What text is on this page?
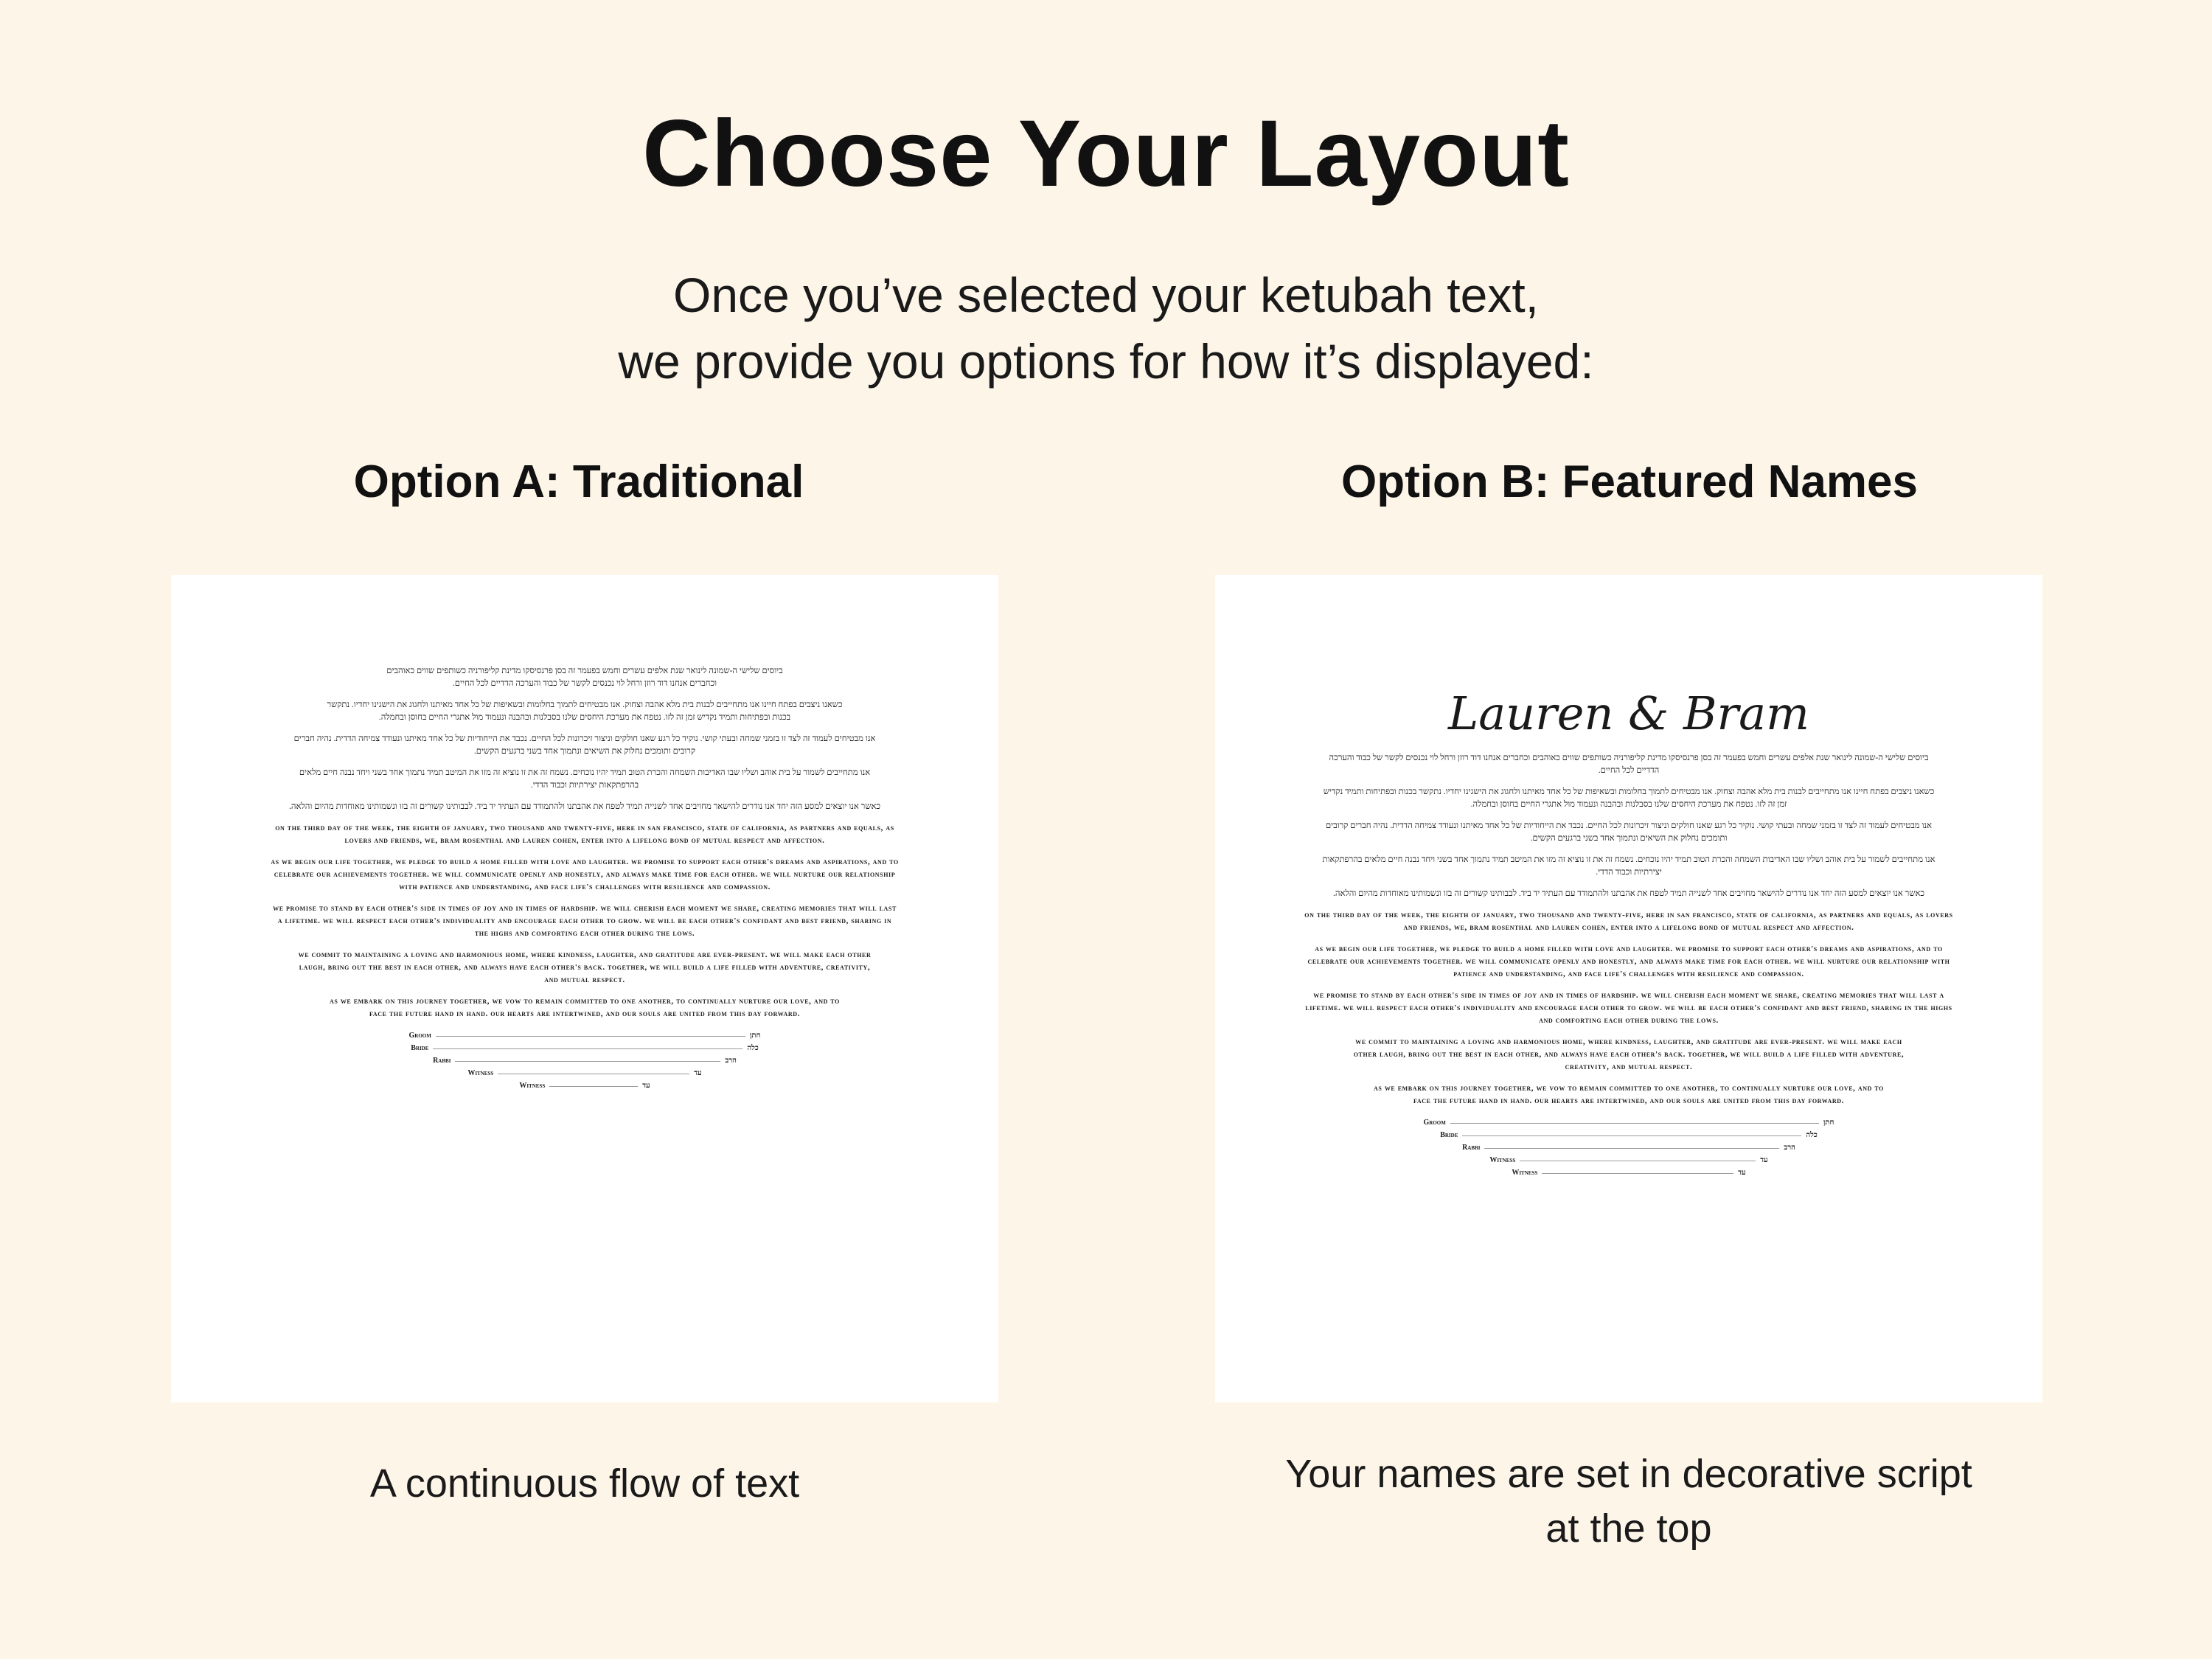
Choose Your Layout
Once you’ve selected your ketubah text,
we provide you options for how it’s displayed:
Option A: Traditional	Option B: Featured Names

ביוסים שלישי ה-שמונה לינואר שנת אלפים עשרים וחמש בפעמר זה בסן פרנסיסקו מדינת קליפורניה כשותפים שווים כאוהבים וכחברים אנחנו דוד רוזן ורחל לוי נכנסים לקשר של כבוד והערכה הדדיים לכל החיים.

כשאנו ניצבים בפתח חיינו אנו מתחייבים לבנות בית מלא אהבה וצחוק. אנו מבטיחים לתמוך בחלומות ובשאיפות של כל אחד מאיתנו ולחגוג את הישגינו יחדיו. נתקשר בכנות ובפתיחות ותמיד נקדיש זמן זה לזו. נטפח את מערכת היחסים שלנו בסבלנות ובהבנה ונעמוד מול אתגרי החיים בחוסן ובחמלה.

אנו מבטיחים לעמוד זה לצד זו בזמני שמחה ובעתי קושי. נוקיר כל רגע שאנו חולקים וניצור זיכרונות לכל החיים. נכבד את הייחודיות של כל אחד מאיתנו ונעודד צמיחה הדדית. נהיה חברים קרובים ותומכים נחלוק את השיאים ונתמוך אחד בשני ברגעים הקשים.

אנו מתחייבים לשמור על בית אוהב ושליו שבו האדיבות השמחה והכרת הטוב תמיד יהיו נוכחים. נשמח זה את זו נוציא זה מזו את המיטב תמיד נתמוך אחד בשני ויחד נבנה חיים מלאים בהרפתקאות יצירתיות וכבוד הדדי.

כאשר אנו יוצאים למסע הזה יחד אנו נודרים להישאר מחויבים אחד לשנייה תמיד לטפח את אהבתנו ולהתמודד עם העתיד יד ביד. לבבותינו קשורים זה בזו ונשמותינו מאוחדות מהיום והלאה.

on the third day of the week, the eighth of january, two thousand and twenty-five, here in san francisco, state of california, as partners and equals, as lovers and friends, we, bram rosenthal and lauren cohen, enter into a lifelong bond of mutual respect and affection.

as we begin our life together, we pledge to build a home filled with love and laughter. we promise to support each other's dreams and aspirations, and to celebrate our achievements together. we will communicate openly and honestly, and always make time for each other. we will nurture our relationship with patience and understanding, and face life's challenges with resilience and compassion.

we promise to stand by each other's side in times of joy and in times of hardship. we will cherish each moment we share, creating memories that will last a lifetime. we will respect each other's individuality and encourage each other to grow. we will be each other's confidant and best friend, sharing in the highs and comforting each other during the lows.

we commit to maintaining a loving and harmonious home, where kindness, laughter, and gratitude are ever-present. we will make each other laugh, bring out the best in each other, and always have each other's back. together, we will build a life filled with adventure, creativity, and mutual respect.

as we embark on this journey together, we vow to remain committed to one another, to continually nurture our love, and to face the future hand in hand. our hearts are intertwined, and our souls are united from this day forward.

Groom	חתן
Bride	כלה
Rabbi	הרב
Witness	עד
Witness	עד
Lauren & Bram

ביוסים שלישי ה-שמונה לינואר שנת אלפים עשרים וחמש בפעמר זה בסן פרנסיסקו מדינת קליפורניה כשותפים שווים כאוהבים וכחברים אנחנו דוד רוזן ורחל לוי נכנסים לקשר של כבוד והערכה הדדיים לכל החיים.

כשאנו ניצבים בפתח חיינו אנו מתחייבים לבנות בית מלא אהבה וצחוק. אנו מבטיחים לתמוך בחלומות ובשאיפות של כל אחד מאיתנו ולחגוג את הישגינו יחדיו. נתקשר בכנות ובפתיחות ותמיד נקדיש זמן זה לזו. נטפח את מערכת היחסים שלנו בסבלנות ובהבנה ונעמוד מול אתגרי החיים בחוסן ובחמלה.

אנו מבטיחים לעמוד זה לצד זו בזמני שמחה ובעתי קושי. נוקיר כל רגע שאנו חולקים וניצור זיכרונות לכל החיים. נכבד את הייחודיות של כל אחד מאיתנו ונעודד צמיחה הדדית. נהיה חברים קרובים ותומכים נחלוק את השיאים ונתמוך אחד בשני ברגעים הקשים.

אנו מתחייבים לשמור על בית אוהב ושליו שבו האדיבות השמחה והכרת הטוב תמיד יהיו נוכחים. נשמח זה את זו נוציא זה מזו את המיטב תמיד נתמוך אחד בשני ויחד נבנה חיים מלאים בהרפתקאות יצירתיות וכבוד הדדי.

כאשר אנו יוצאים למסע הזה יחד אנו נודרים להישאר מחויבים אחד לשנייה תמיד לטפח את אהבתנו ולהתמודד עם העתיד יד ביד. לבבותינו קשורים זה בזו ונשמותינו מאוחדות מהיום והלאה.

on the third day of the week, the eighth of january, two thousand and twenty-five, here in san francisco, state of california, as partners and equals, as lovers and friends, we, bram rosenthal and lauren cohen, enter into a lifelong bond of mutual respect and affection.

as we begin our life together, we pledge to build a home filled with love and laughter. we promise to support each other's dreams and aspirations, and to celebrate our achievements together. we will communicate openly and honestly, and always make time for each other. we will nurture our relationship with patience and understanding, and face life's challenges with resilience and compassion.

we promise to stand by each other's side in times of joy and in times of hardship. we will cherish each moment we share, creating memories that will last a lifetime. we will respect each other's individuality and encourage each other to grow. we will be each other's confidant and best friend, sharing in the highs and comforting each other during the lows.

we commit to maintaining a loving and harmonious home, where kindness, laughter, and gratitude are ever-present. we will make each other laugh, bring out the best in each other, and always have each other's back. together, we will build a life filled with adventure, creativity, and mutual respect.

as we embark on this journey together, we vow to remain committed to one another, to continually nurture our love, and to face the future hand in hand. our hearts are intertwined, and our souls are united from this day forward.

Groom	חתן
Bride	כלה
Rabbi	הרב
Witness	עד
Witness	עד
A continuous flow of text	Your names are set in decorative script
at the top
